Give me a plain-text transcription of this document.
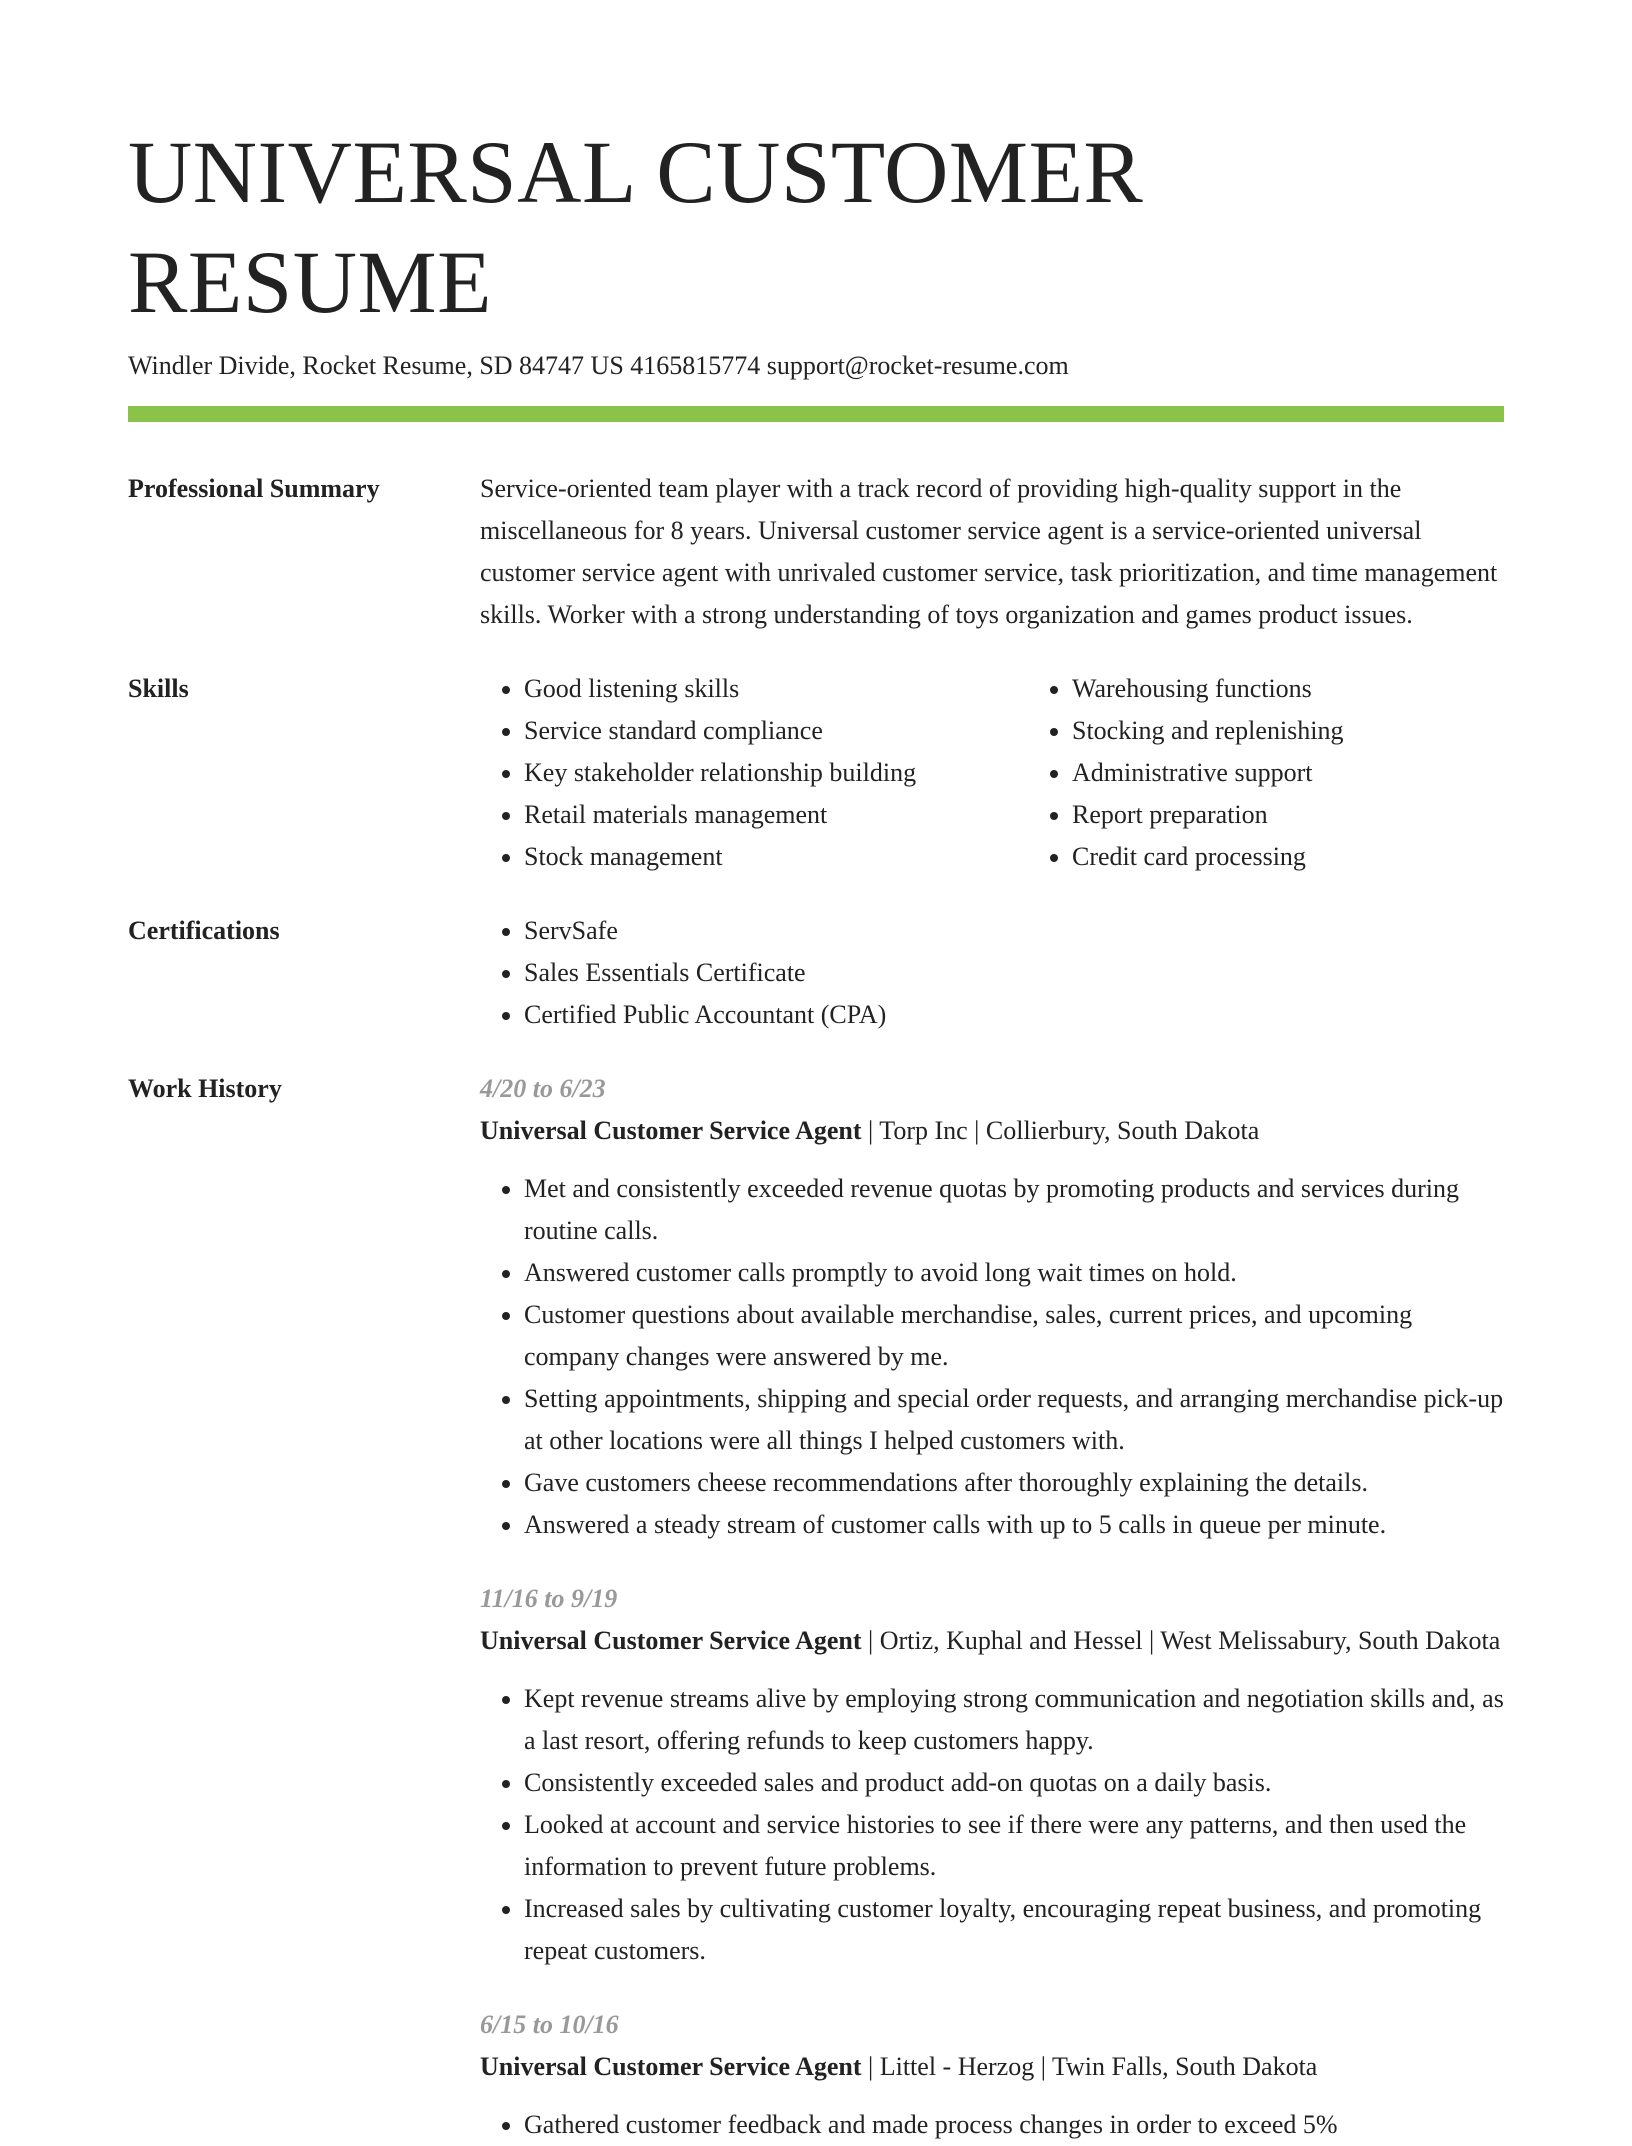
UNIVERSAL CUSTOMER RESUME
Windler Divide, Rocket Resume, SD 84747 US 4165815774 support@rocket-resume.com
Professional Summary	Service-oriented team player with a track record of providing high-quality support in the miscellaneous for 8 years. Universal customer service agent is a service-oriented universal customer service agent with unrivaled customer service, task prioritization, and time management skills. Worker with a strong understanding of toys organization and games product issues.

Skills	• Good listening skills
• Service standard compliance
• Key stakeholder relationship building
• Retail materials management
• Stock management
• Warehousing functions
• Stocking and replenishing
• Administrative support
• Report preparation
• Credit card processing
Certifications	• ServSafe
• Sales Essentials Certificate
• Certified Public Accountant (CPA)
Work History	4/20 to 6/23
Universal Customer Service Agent | Torp Inc | Collierbury, South Dakota
• Met and consistently exceeded revenue quotas by promoting products and services during routine calls.
• Answered customer calls promptly to avoid long wait times on hold.
• Customer questions about available merchandise, sales, current prices, and upcoming company changes were answered by me.
• Setting appointments, shipping and special order requests, and arranging merchandise pick-up at other locations were all things I helped customers with.
• Gave customers cheese recommendations after thoroughly explaining the details.
• Answered a steady stream of customer calls with up to 5 calls in queue per minute.
11/16 to 9/19
Universal Customer Service Agent | Ortiz, Kuphal and Hessel | West Melissabury, South Dakota
• Kept revenue streams alive by employing strong communication and negotiation skills and, as a last resort, offering refunds to keep customers happy.
• Consistently exceeded sales and product add-on quotas on a daily basis.
• Looked at account and service histories to see if there were any patterns, and then used the information to prevent future problems.
• Increased sales by cultivating customer loyalty, encouraging repeat business, and promoting repeat customers.
6/15 to 10/16
Universal Customer Service Agent | Littel - Herzog | Twin Falls, South Dakota
• Gathered customer feedback and made process changes in order to exceed 5%
